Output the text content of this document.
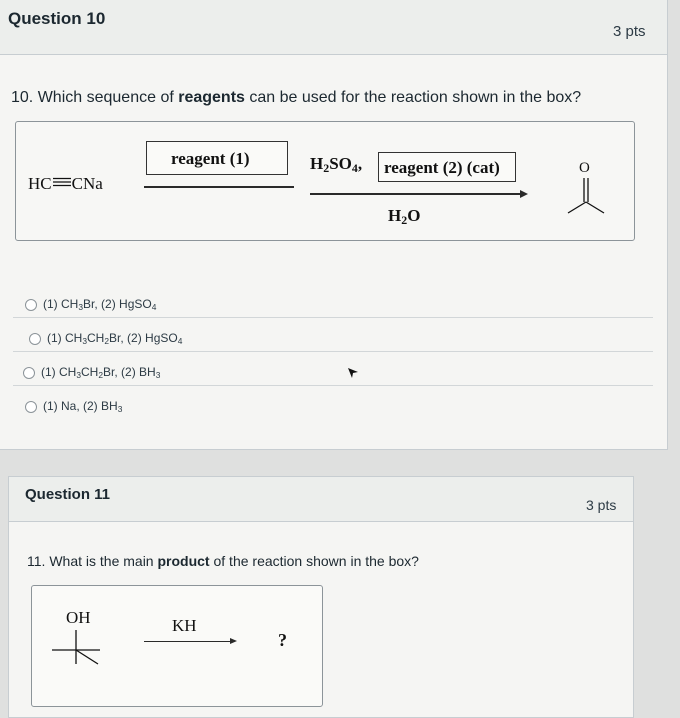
Question 10
3 pts
10. Which sequence of reagents can be used for the reaction shown in the box?
HC CNa
reagent (1)	$H_2SO_4$, reagent (2) (cat)
$H_2O$
O
(1) $CH_3Br$, (2) HgSO$_4$
(1) $CH_3CH_2Br$, (2) HgSO$_4$
(1) $CH_3CH_2Br$, (2) $BH_3$
(1) Na, (2) $BH_3$
Question 11
3 pts
11. What is the main product of the reaction shown in the box?
OH	KH
?
